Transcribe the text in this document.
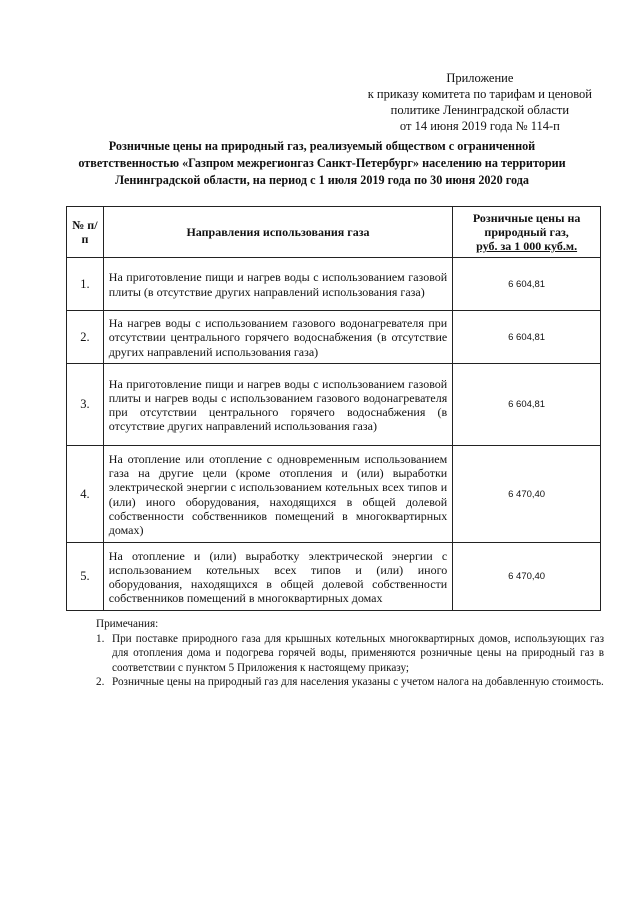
Приложение
к приказу комитета по тарифам и ценовой
политике Ленинградской области
от 14 июня 2019 года № 114-п
Розничные цены на природный газ, реализуемый обществом с ограниченной
ответственностью «Газпром межрегионгаз Санкт-Петербург» населению на территории
Ленинградской области, на период с 1 июля 2019 года по 30 июня 2020 года
№ п/п	Направления использования газа	Розничные цены на
природный газ,
руб. за 1 000 куб.м.

1.	На приготовление пищи и нагрев воды с использованием газовой плиты (в отсутствие других направлений использования газа)	6 604,81
2.	На нагрев воды с использованием газового водонагревателя при отсутствии центрального горячего водоснабжения (в отсутствие других направлений использования газа)	6 604,81
3.	На приготовление пищи и нагрев воды с использованием газовой плиты и нагрев воды с использованием газового водонагревателя при отсутствии центрального горячего водоснабжения (в отсутствие других направлений использования газа)	6 604,81
4.	На отопление или отопление с одновременным использованием газа на другие цели (кроме отопления и (или) выработки электрической энергии с использованием котельных всех типов и (или) иного оборудования, находящихся в общей долевой собственности собственников помещений в многоквартирных домах)	6 470,40
5.	На отопление и (или) выработку электрической энергии с использованием котельных всех типов и (или) иного оборудования, находящихся в общей долевой собственности собственников помещений в многоквартирных домах	6 470,40
Примечания:
1. При поставке природного газа для крышных котельных многоквартирных домов, использующих газ для отопления дома и подогрева горячей воды, применяются розничные цены на природный газ в соответствии с пунктом 5 Приложения к настоящему приказу;
2. Розничные цены на природный газ для населения указаны с учетом налога на добавленную стоимость.
